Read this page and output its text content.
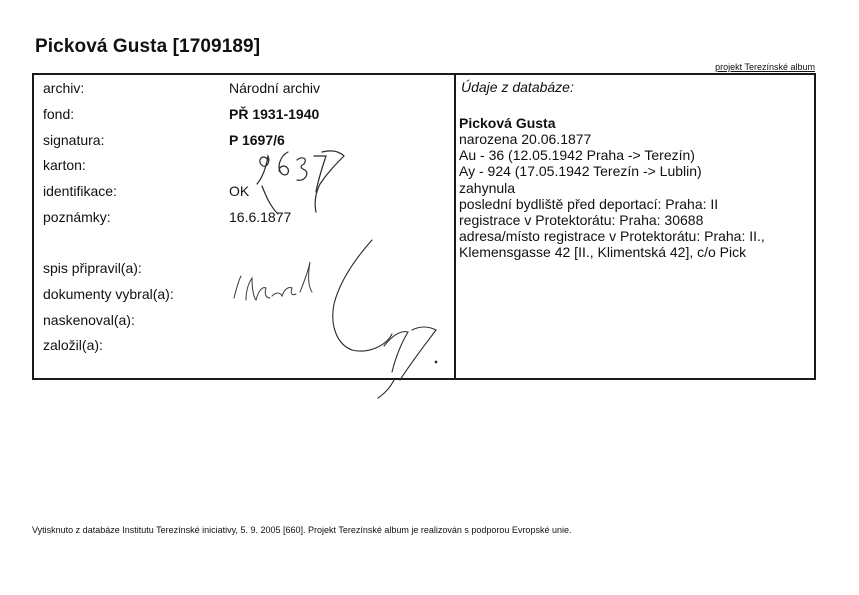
Picková Gusta [1709189]
projekt Terezínské album
archiv:	Národní archiv
fond:	PŘ 1931-1940
signatura:	P 1697/6
karton:
identifikace:	OK
poznámky:	16.6.1877
spis připravil(a):
dokumenty vybral(a):
naskenoval(a):
založil(a):
Údaje z databáze:
Picková Gusta
narozena 20.06.1877
Au - 36 (12.05.1942 Praha -> Terezín)
Ay - 924 (17.05.1942 Terezín -> Lublin)
zahynula
poslední bydliště před deportací: Praha: II
registrace v Protektorátu: Praha: 30688
adresa/místo registrace v Protektorátu: Praha: II.,
Klemensgasse 42 [II., Klimentská 42], c/o Pick
Vytisknuto z databáze Institutu Terezínské iniciativy, 5. 9. 2005 [660]. Projekt Terezínské album je realizován s podporou Evropské unie.
